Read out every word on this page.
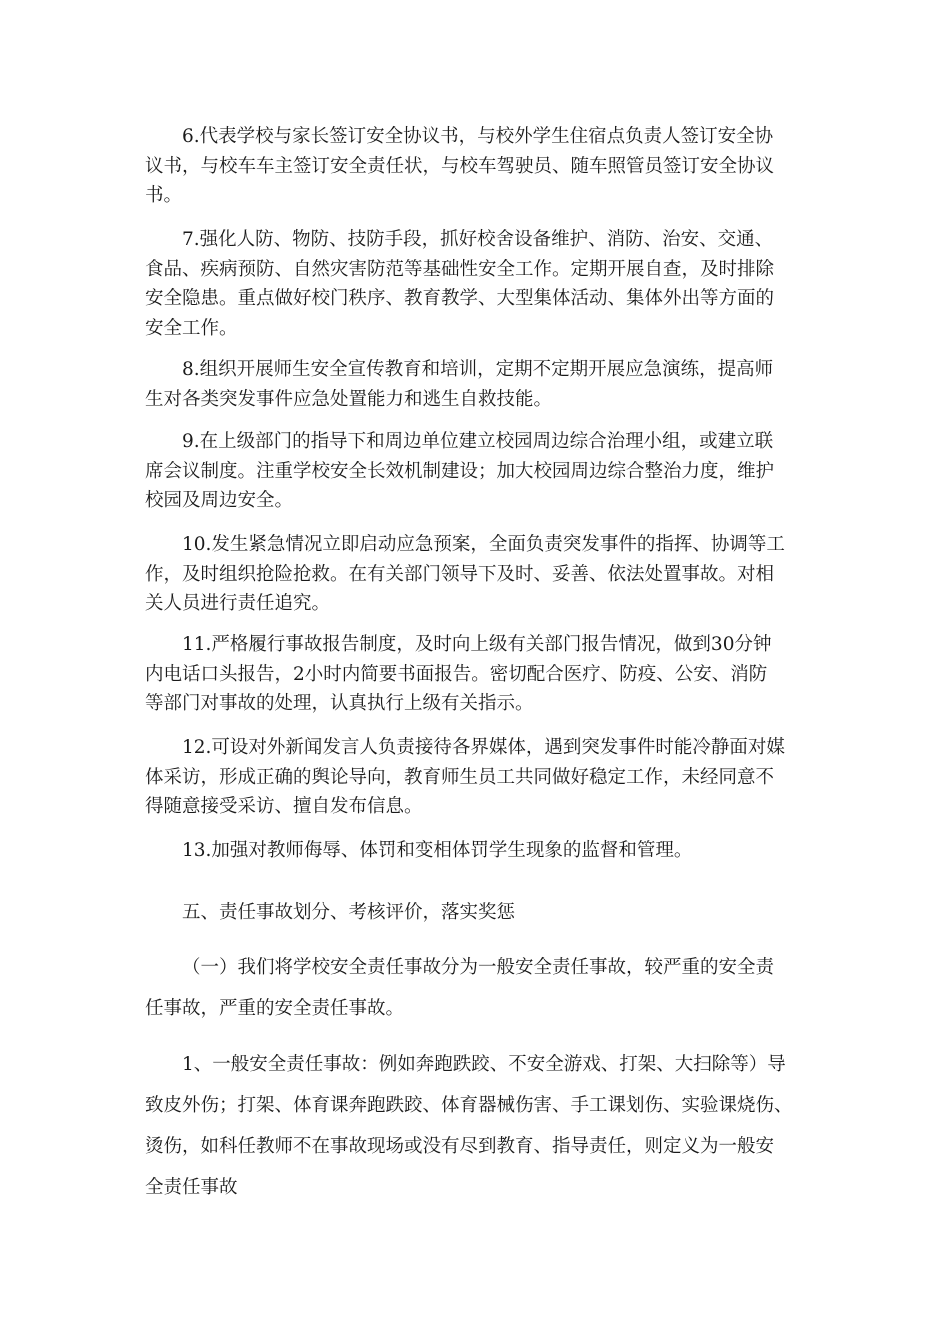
6.代表学校与家长签订安全协议书，与校外学生住宿点负责人签订安全协
议书，与校车车主签订安全责任状，与校车驾驶员、随车照管员签订安全协议
书。
7.强化人防、物防、技防手段，抓好校舍设备维护、消防、治安、交通、
食品、疾病预防、自然灾害防范等基础性安全工作。定期开展自查，及时排除
安全隐患。重点做好校门秩序、教育教学、大型集体活动、集体外出等方面的
安全工作。
8.组织开展师生安全宣传教育和培训，定期不定期开展应急演练，提高师
生对各类突发事件应急处置能力和逃生自救技能。
9.在上级部门的指导下和周边单位建立校园周边综合治理小组，或建立联
席会议制度。注重学校安全长效机制建设；加大校园周边综合整治力度，维护
校园及周边安全。
10.发生紧急情况立即启动应急预案，全面负责突发事件的指挥、协调等工
作，及时组织抢险抢救。在有关部门领导下及时、妥善、依法处置事故。对相
关人员进行责任追究。
11.严格履行事故报告制度，及时向上级有关部门报告情况，做到30分钟
内电话口头报告，2小时内简要书面报告。密切配合医疗、防疫、公安、消防
等部门对事故的处理，认真执行上级有关指示。
12.可设对外新闻发言人负责接待各界媒体，遇到突发事件时能冷静面对媒
体采访，形成正确的舆论导向，教育师生员工共同做好稳定工作，未经同意不
得随意接受采访、擅自发布信息。
13.加强对教师侮辱、体罚和变相体罚学生现象的监督和管理。
五、责任事故划分、考核评价，落实奖惩
（一）我们将学校安全责任事故分为一般安全责任事故，较严重的安全责
任事故，严重的安全责任事故。
1、一般安全责任事故：例如奔跑跌跤、不安全游戏、打架、大扫除等）导
致皮外伤；打架、体育课奔跑跌跤、体育器械伤害、手工课划伤、实验课烧伤、
烫伤，如科任教师不在事故现场或没有尽到教育、指导责任，则定义为一般安
全责任事故
